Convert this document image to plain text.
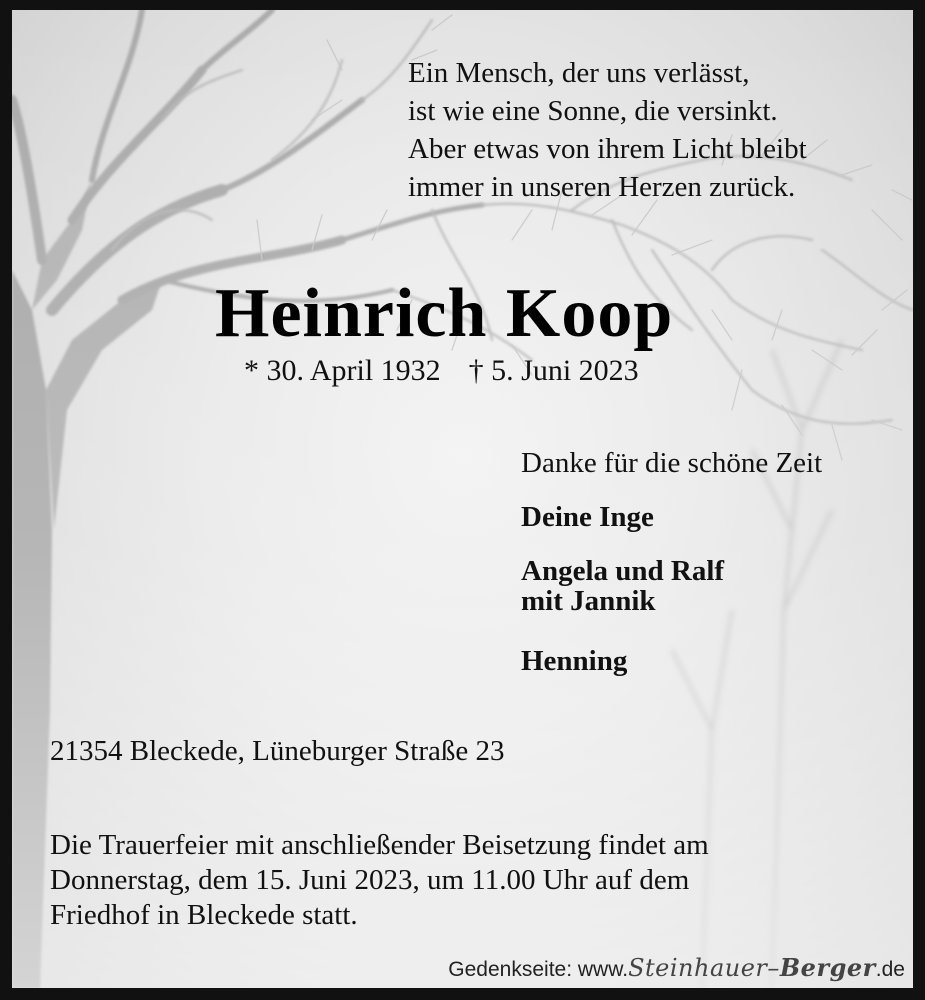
Ein Mensch, der uns verlässt,
ist wie eine Sonne, die versinkt.
Aber etwas von ihrem Licht bleibt
immer in unseren Herzen zurück.
Heinrich Koop
* 30. April 1932 † 5. Juni 2023
Danke für die schöne Zeit
Deine Inge
Angela und Ralf
mit Jannik
Henning
21354 Bleckede, Lüneburger Straße 23
Die Trauerfeier mit anschließender Beisetzung findet am
Donnerstag, dem 15. Juni 2023, um 11.00 Uhr auf dem
Friedhof in Bleckede statt.
Gedenkseite: www. Steinhauer–Berger .de
